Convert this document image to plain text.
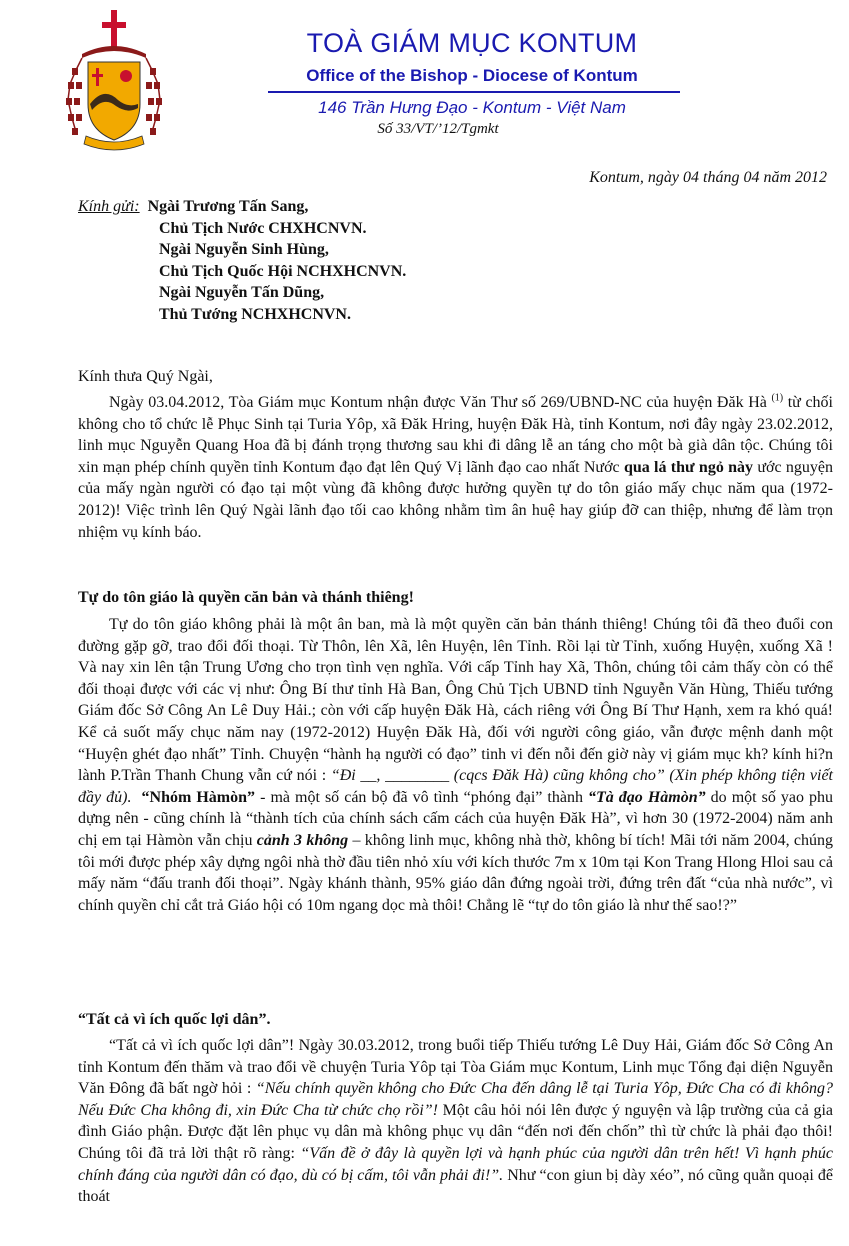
TOÀ GIÁM MỤC KONTUM

Office of the Bishop - Diocese of Kontum

146 Trần Hưng Đạo - Kontum - Việt Nam

Số 33/VT/’12/Tgmkt

Kontum, ngày 04 tháng 04 năm 2012

Kính gửi: Ngài Trương Tấn Sang,
Chủ Tịch Nước CHXHCNVN.
Ngài Nguyễn Sinh Hùng,
Chủ Tịch Quốc Hội NCHXHCNVN.
Ngài Nguyễn Tấn Dũng,
Thủ Tướng NCHXHCNVN.

Kính thưa Quý Ngài,

Ngày 03.04.2012, Tòa Giám mục Kontum nhận được Văn Thư số 269/UBND-NC của huyện Đăk Hà $^{(1)}$ từ chối không cho tổ chức lễ Phục Sinh tại Turia Yôp, xã Đăk Hring, huyện Đăk Hà, tỉnh Kontum, nơi đây ngày 23.02.2012, linh mục Nguyễn Quang Hoa đã bị đánh trọng thương sau khi đi dâng lễ an táng cho một bà già dân tộc. Chúng tôi xin mạn phép chính quyền tỉnh Kontum đạo đạt lên Quý Vị lãnh đạo cao nhất Nước qua lá thư ngỏ này ước nguyện của mấy ngàn người có đạo tại một vùng đã không được hưởng quyền tự do tôn giáo mấy chục năm qua (1972-2012)! Việc trình lên Quý Ngài lãnh đạo tối cao không nhằm tìm ân huệ hay giúp đỡ can thiệp, nhưng để làm trọn nhiệm vụ kính báo.

Tự do tôn giáo là quyền căn bản và thánh thiêng!

Tự do tôn giáo không phải là một ân ban, mà là một quyền căn bản thánh thiêng! Chúng tôi đã theo đuổi con đường gặp gỡ, trao đổi đối thoại. Từ Thôn, lên Xã, lên Huyện, lên Tỉnh. Rồi lại từ Tỉnh, xuống Huyện, xuống Xã ! Và nay xin lên tận Trung Ương cho trọn tình vẹn nghĩa. Với cấp Tỉnh hay Xã, Thôn, chúng tôi cảm thấy còn có thể đối thoại được với các vị như: Ông Bí thư tỉnh Hà Ban, Ông Chủ Tịch UBND tỉnh Nguyễn Văn Hùng, Thiếu tướng Giám đốc Sở Công An Lê Duy Hải.; còn với cấp huyện Đăk Hà, cách riêng với Ông Bí Thư Hạnh, xem ra khó quá! Kể cả suốt mấy chục năm nay (1972-2012) Huyện Đăk Hà, đối với người công giáo, vẫn được mệnh danh một “Huyện ghét đạo nhất” Tỉnh. Chuyện “hành hạ người có đạo” tinh vi đến nỗi đến giờ này vị giám mục kh? kính hi?n lành P.Trần Thanh Chung vẫn cứ nói : “Đi __, ________ (cqcs Đăk Hà) cũng không cho” (Xin phép không tiện viết đầy đủ). “Nhóm Hàmòn” - mà một số cán bộ đã vô tình “phóng đại” thành “Tà đạo Hàmòn” do một số yao phu dựng nên - cũng chính là “thành tích của chính sách cấm cách của huyện Đăk Hà”, vì hơn 30 (1972-2004) năm anh chị em tại Hàmòn vẫn chịu cảnh 3 không – không linh mục, không nhà thờ, không bí tích! Mãi tới năm 2004, chúng tôi mới được phép xây dựng ngôi nhà thờ đầu tiên nhỏ xíu với kích thước 7m x 10m tại Kon Trang Hlong Hloi sau cả mấy năm “đấu tranh đối thoại”. Ngày khánh thành, 95% giáo dân đứng ngoài trời, đứng trên đất “của nhà nước”, vì chính quyền chỉ cắt trả Giáo hội có 10m ngang dọc mà thôi! Chẳng lẽ “tự do tôn giáo là như thế sao!?”

“Tất cả vì ích quốc lợi dân”.

“Tất cả vì ích quốc lợi dân”! Ngày 30.03.2012, trong buổi tiếp Thiếu tướng Lê Duy Hải, Giám đốc Sở Công An tỉnh Kontum đến thăm và trao đổi về chuyện Turia Yôp tại Tòa Giám mục Kontum, Linh mục Tổng đại diện Nguyễn Văn Đông đã bất ngờ hỏi : “Nếu chính quyền không cho Đức Cha đến dâng lễ tại Turia Yôp, Đức Cha có đi không? Nếu Đức Cha không đi, xin Đức Cha từ chức chọ rồi”! Một câu hỏi nói lên được ý nguyện và lập trường của cả gia đình Giáo phận. Được đặt lên phục vụ dân mà không phục vụ dân “đến nơi đến chốn” thì từ chức là phải đạo thôi! Chúng tôi đã trả lời thật rõ ràng: “Vấn đề ở đây là quyền lợi và hạnh phúc của người dân trên hết! Vì hạnh phúc chính đáng của người dân có đạo, dù có bị cấm, tôi vẫn phải đi!”. Như “con giun bị dày xéo”, nó cũng quằn quoại để thoát
